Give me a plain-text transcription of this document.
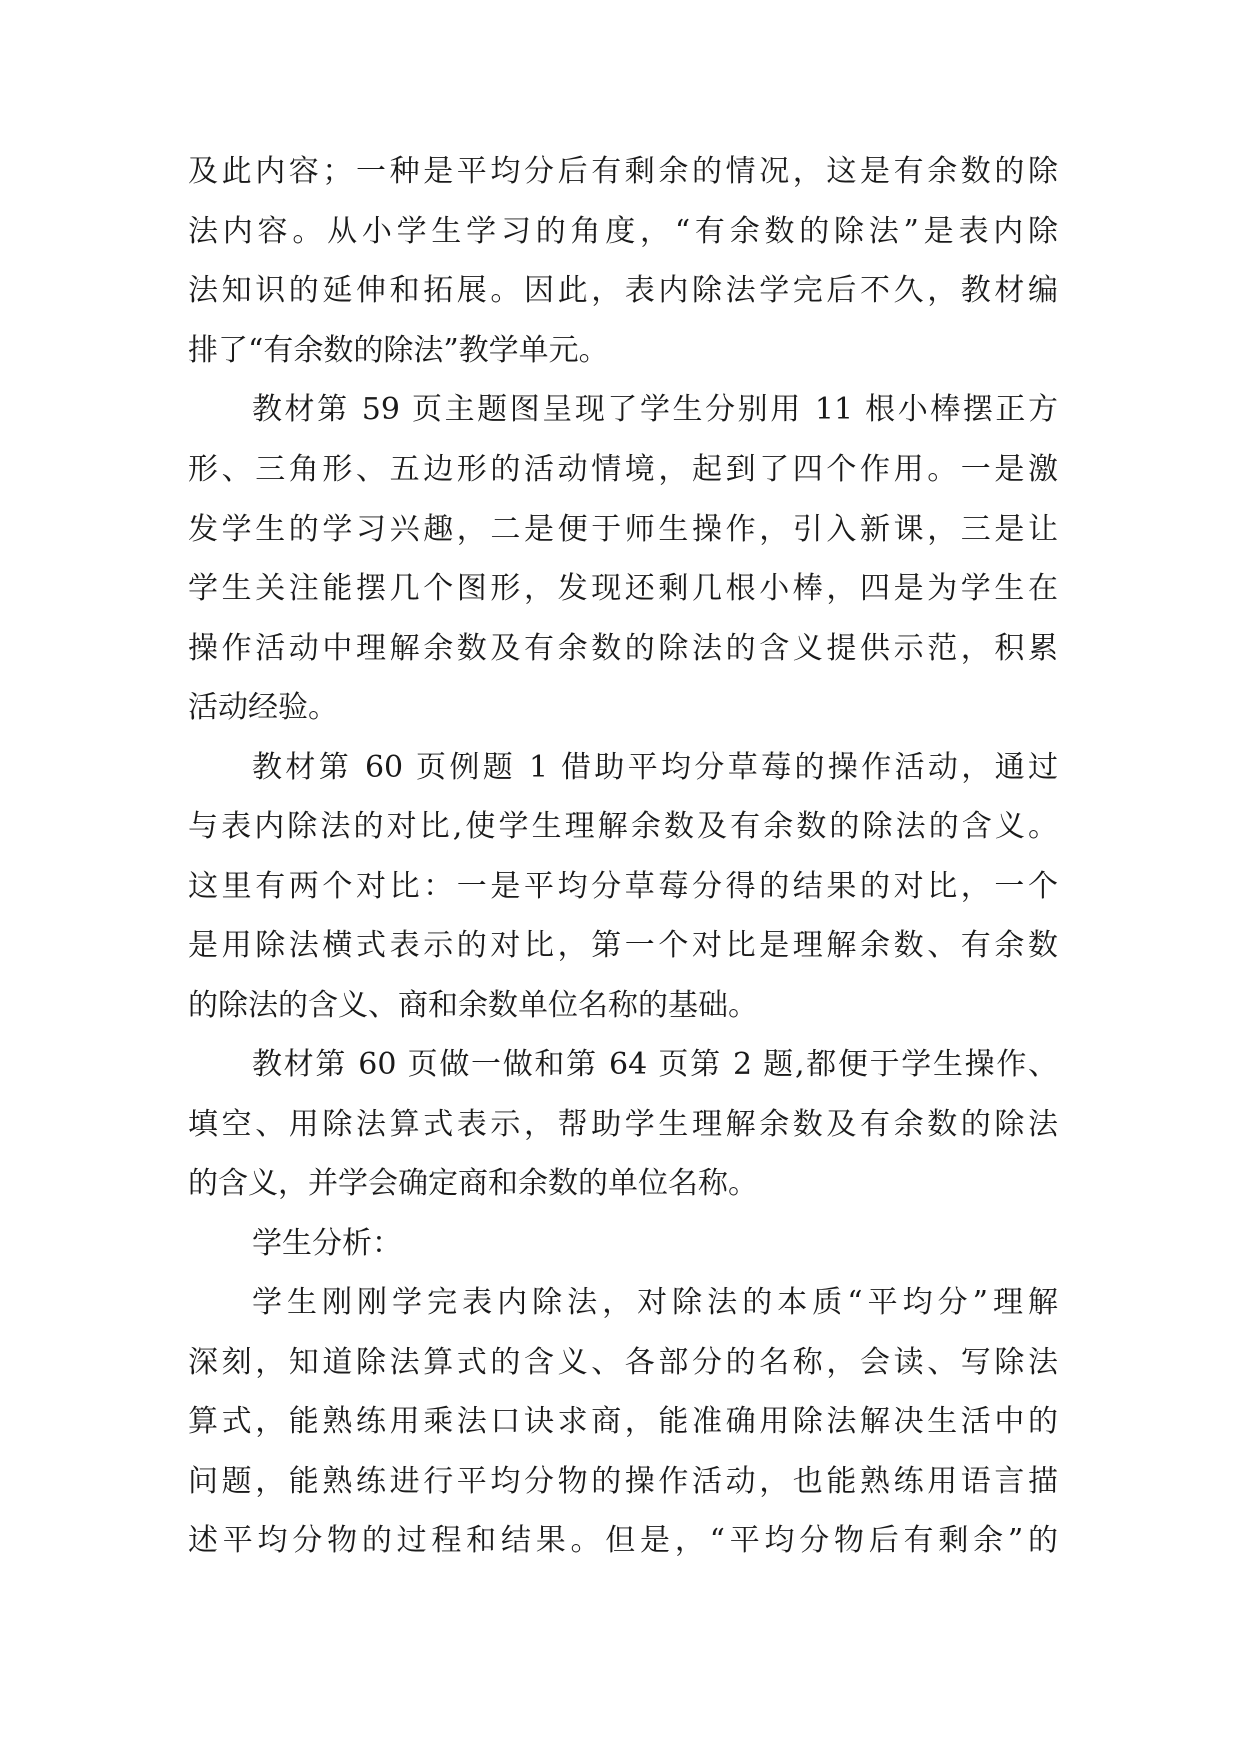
及此内容；一种是平均分后有剩余的情况，这是有余数的除
法内容。从小学生学习的角度，“有余数的除法”是表内除
法知识的延伸和拓展。因此，表内除法学完后不久，教材编
排了“有余数的除法”教学单元。
教材第 59 页主题图呈现了学生分别用 11 根小棒摆正方
形、三角形、五边形的活动情境，起到了四个作用。一是激
发学生的学习兴趣，二是便于师生操作，引入新课，三是让
学生关注能摆几个图形，发现还剩几根小棒，四是为学生在
操作活动中理解余数及有余数的除法的含义提供示范，积累
活动经验。
教材第 60 页例题 1 借助平均分草莓的操作活动，通过
与表内除法的对比,使学生理解余数及有余数的除法的含义。
这里有两个对比：一是平均分草莓分得的结果的对比，一个
是用除法横式表示的对比，第一个对比是理解余数、有余数
的除法的含义、商和余数单位名称的基础。
教材第 60 页做一做和第 64 页第 2 题,都便于学生操作、
填空、用除法算式表示，帮助学生理解余数及有余数的除法
的含义，并学会确定商和余数的单位名称。
学生分析：
学生刚刚学完表内除法，对除法的本质“平均分”理解
深刻，知道除法算式的含义、各部分的名称，会读、写除法
算式，能熟练用乘法口诀求商，能准确用除法解决生活中的
问题，能熟练进行平均分物的操作活动，也能熟练用语言描
述平均分物的过程和结果。但是，“平均分物后有剩余”的
